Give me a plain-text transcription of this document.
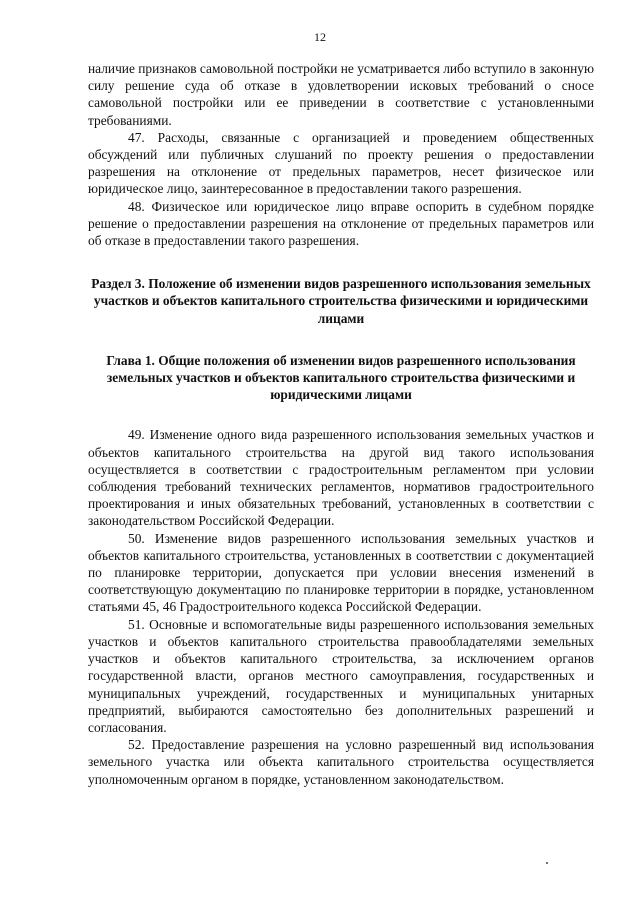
12

наличие признаков самовольной постройки не усматривается либо вступило в законную силу решение суда об отказе в удовлетворении исковых требований о сносе самовольной постройки или ее приведении в соответствие с установленными требованиями.

47. Расходы, связанные с организацией и проведением общественных обсуждений или публичных слушаний по проекту решения о предоставлении разрешения на отклонение от предельных параметров, несет физическое или юридическое лицо, заинтересованное в предоставлении такого разрешения.

48. Физическое или юридическое лицо вправе оспорить в судебном порядке решение о предоставлении разрешения на отклонение от предельных параметров или об отказе в предоставлении такого разрешения.

Раздел 3. Положение об изменении видов разрешенного использования земельных участков и объектов капитального строительства физическими и юридическими лицами

Глава 1. Общие положения об изменении видов разрешенного использования земельных участков и объектов капитального строительства физическими и юридическими лицами

49. Изменение одного вида разрешенного использования земельных участков и объектов капитального строительства на другой вид такого использования осуществляется в соответствии с градостроительным регламентом при условии соблюдения требований технических регламентов, нормативов градостроительного проектирования и иных обязательных требований, установленных в соответствии с законодательством Российской Федерации.

50. Изменение видов разрешенного использования земельных участков и объектов капитального строительства, установленных в соответствии с документацией по планировке территории, допускается при условии внесения изменений в соответствующую документацию по планировке территории в порядке, установленном статьями 45, 46 Градостроительного кодекса Российской Федерации.

51. Основные и вспомогательные виды разрешенного использования земельных участков и объектов капитального строительства правообладателями земельных участков и объектов капитального строительства, за исключением органов государственной власти, органов местного самоуправления, государственных и муниципальных учреждений, государственных и муниципальных унитарных предприятий, выбираются самостоятельно без дополнительных разрешений и согласования.

52. Предоставление разрешения на условно разрешенный вид использования земельного участка или объекта капитального строительства осуществляется уполномоченным органом в порядке, установленном законодательством.
